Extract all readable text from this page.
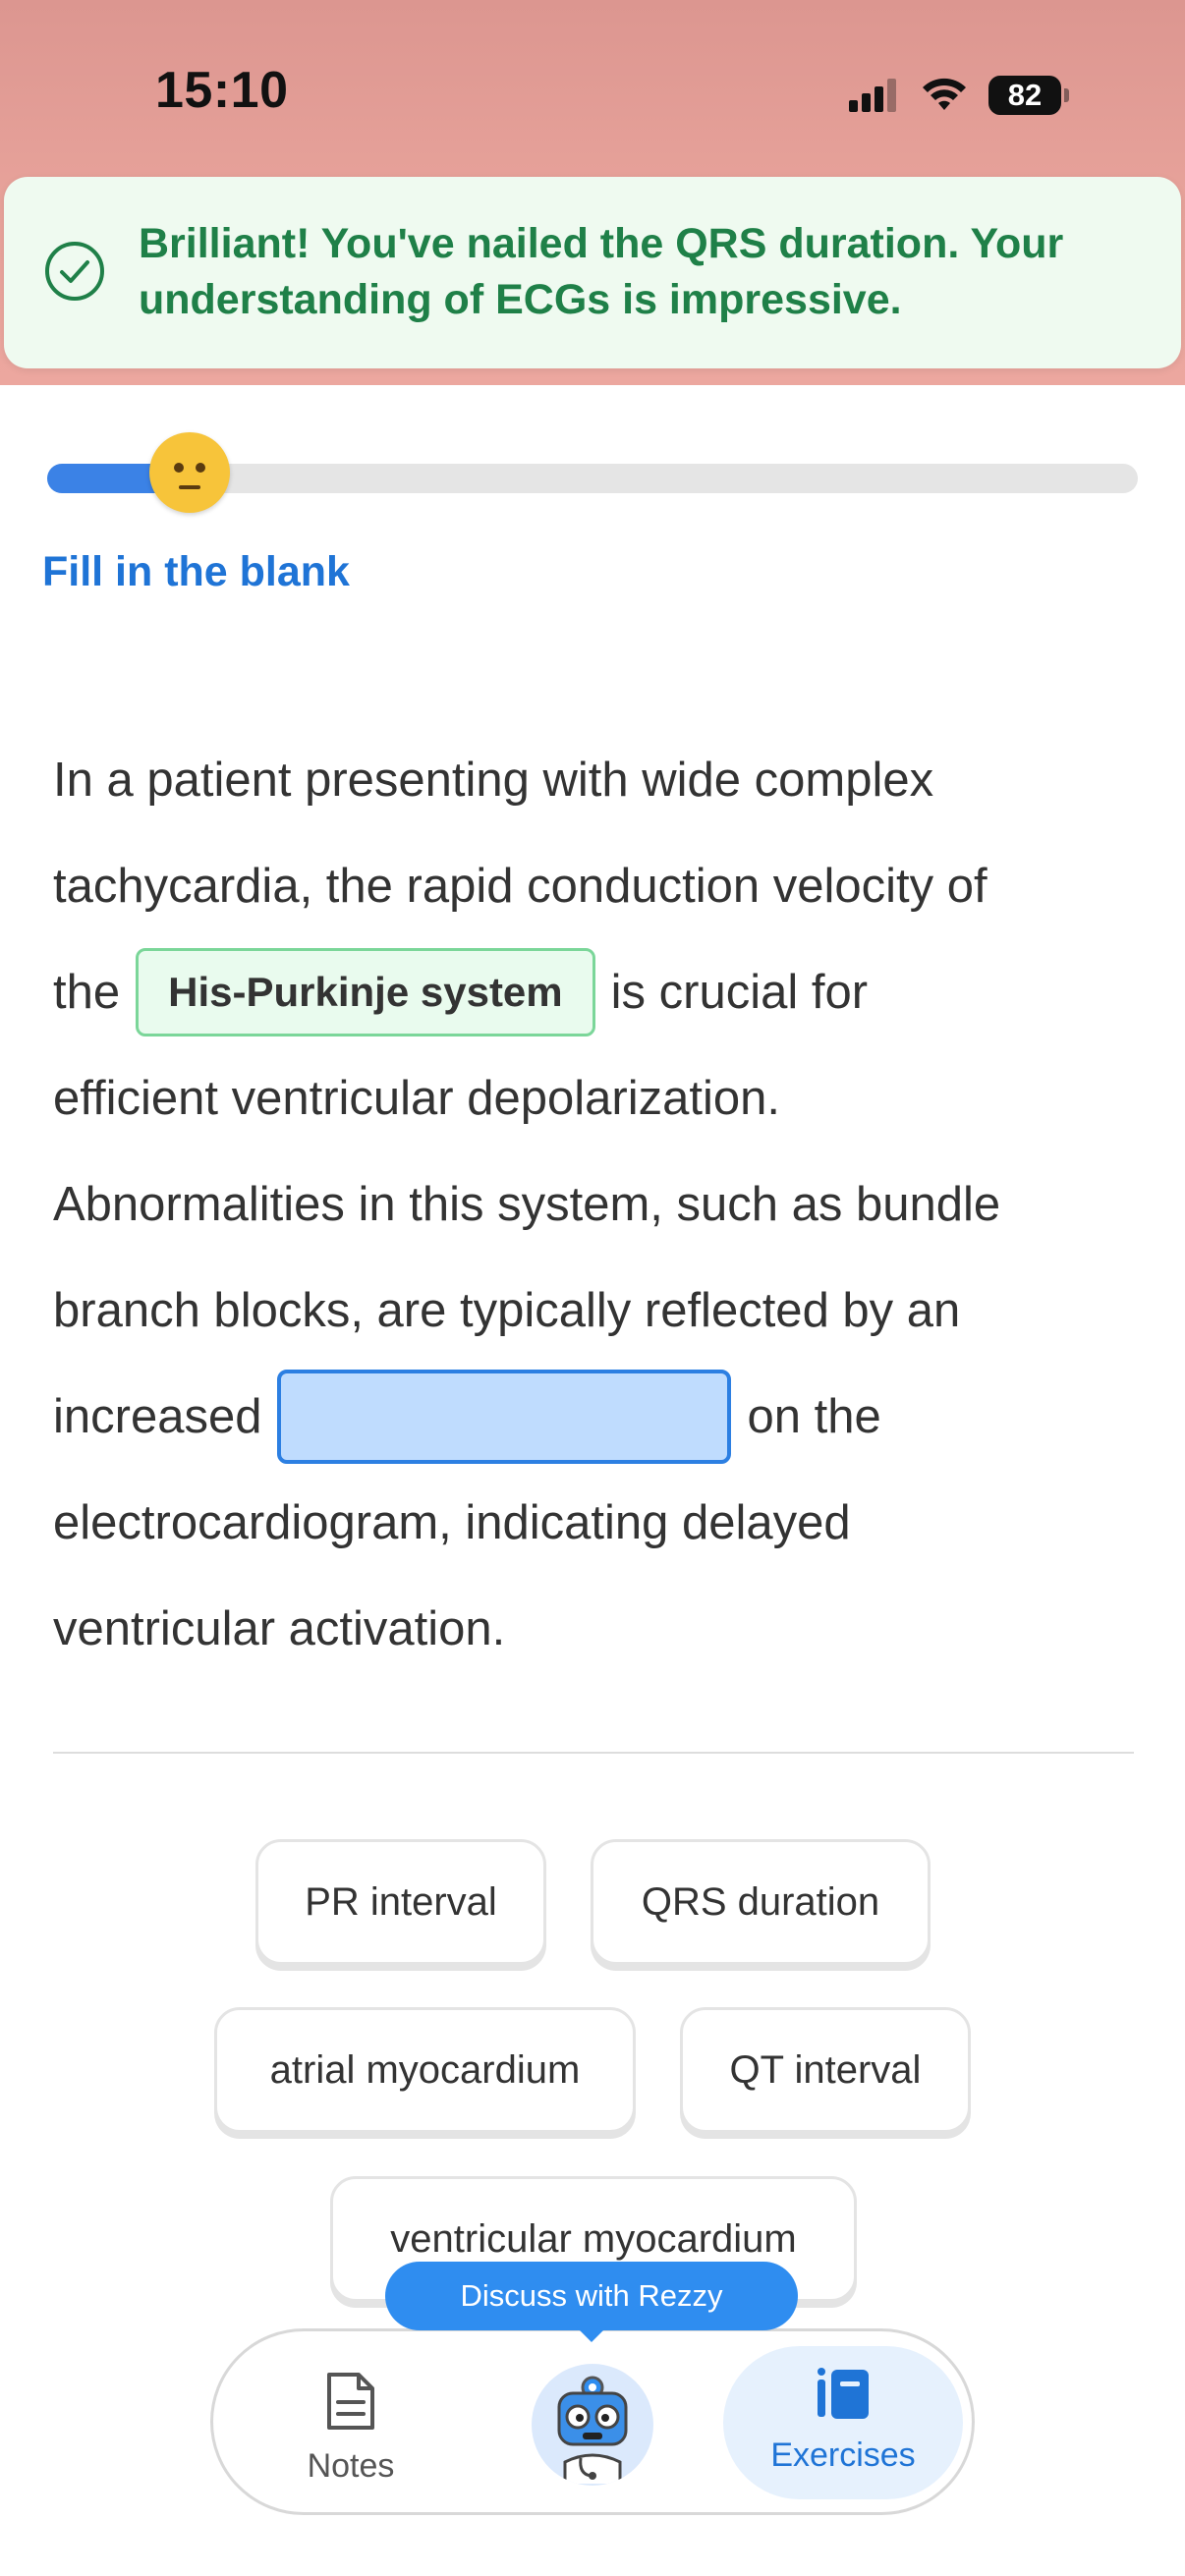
15:10	82
Brilliant! You've nailed the QRS duration. Your understanding of ECGs is impressive.
Fill in the blank
In a patient presenting with wide complex
tachycardia, the rapid conduction velocity of
the	His-Purkinje system	is crucial for
efficient ventricular depolarization.
Abnormalities in this system, such as bundle
branch blocks, are typically reflected by an
increased	on the
electrocardiogram, indicating delayed
ventricular activation.
PR interval	QRS duration
atrial myocardium	QT interval
ventricular myocardium
Notes	Exercises
Discuss with Rezzy
